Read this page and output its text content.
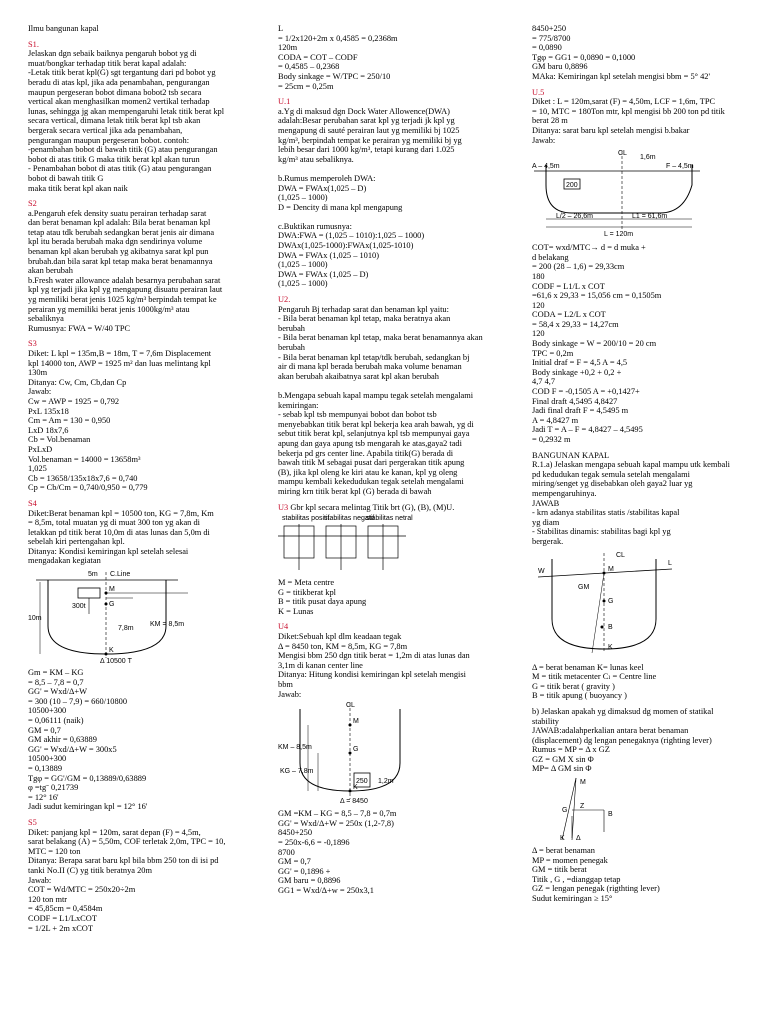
Ilmu bangunan kapal
S1.
Jelaskan dgn sebaik baiknya pengaruh bobot yg di
muat/bongkar terhadap titik berat kapal adalah:
-Letak titik berat kpl(G) sgt tergantung dari pd bobot yg
beradu di atas kpl, jika ada penambahan, pengurangan
maupun pergeseran bobot dimana bobot2 tsb secara
vertical akan menghasilkan momen2 vertikal terhadap
lunas, sehingga jg akan mempengaruhi letak titik berat kpl
secara vertical, dimana letak titik berat kpl tsb akan
bergerak secara vertical jika ada penambahan,
pengurangan maupun pergeseran bobot. contoh:
-penambahan bobot di bawah titik (G) atau pengurangan
bobot di atas titik G maka titik berat kpl akan turun
- Penambahan bobot di atas titik (G) atau pengurangan
bobot di bawah titik G
maka titik berat kpl akan naik
S2
a.Pengaruh efek density suatu perairan terhadap sarat
dan berat benaman kpl adalah: Bila berat benaman kpl
tetap atau tdk berubah sedangkan berat jenis air dimana
kpl itu berada berubah maka dgn sendirinya volume
benaman kpl akan berubah yg akibatnya sarat kpl pun
brubah.dan bila sarat kpl tetap maka berat benamannya
akan berubah
b.Fresh water allowance adalah besarnya perubahan sarat
kpl yg terjadi jika kpl yg mengapung disuatu perairan laut
yg memiliki berat jenis 1025 kg/m³ berpindah tempat ke
perairan yg memiliki berat jenis 1000kg/m³ atau
sebaliknya
Rumusnya: FWA = W/40 TPC
S3
Diket: L kpl = 135m,B = 18m, T = 7,6m Displacement
kpl 14000 ton, AWP = 1925 m² dan luas melintang kpl
130m
Ditanya: Cw, Cm, Cb,dan Cp
Jawab:
Cw = AWP = 1925 = 0,792
PxL 135x18
Cm = Am = 130 = 0,950
LxD 18x7,6
Cb = Vol.benaman
PxLxD
Vol.benaman = 14000 = 13658m³
1,025
Cb = 13658/135x18x7,6 = 0,740
Cp = Cb/Cm = 0,740/0,950 = 0,779
S4
Diket:Berat benaman kpl = 10500 ton, KG = 7,8m, Km
= 8,5m, total muatan yg di muat 300 ton yg akan di
letakkan pd titik berat 10,0m di atas lunas dan 5,0m di
sebelah kiri pertengahan kpl.
Ditanya: Kondisi kemiringan kpl setelah selesai
mengadakan kegiatan
5m C.Line
10m
300t
KM = 8,5m
7,8m
Δ 10500 T
M
G
K
Gm = KM – KG
= 8,5 – 7,8 = 0,7
GG' = Wxd/Δ+W
= 300 (10 – 7,9) = 660/10800
10500+300
= 0,06111 (naik)
GM = 0,7
GM akhir = 0,63889
GG' = Wxd/Δ+W = 300x5
10500+300
= 0,13889
Tgφ = GG'/GM = 0,13889/0,63889
φ =tgˉ 0,21739
= 12° 16'
Jadi sudut kemiringan kpl = 12° 16'
S5
Diket: panjang kpl = 120m, sarat depan (F) = 4,5m,
sarat belakang (A) = 5,50m, COF terletak 2,0m, TPC = 10,
MTC = 120 ton
Ditanya: Berapa sarat baru kpl bila bbm 250 ton di isi pd
tanki No.II (C) yg titik beratnya 20m
Jawab:
COT = Wd/MTC = 250x20÷2m
120 ton mtr
= 45,85cm = 0,4584m
CODF = L1/LxCOT
= 1/2L + 2m xCOT
L
= 1/2x120+2m x 0,4585 = 0,2368m
120m
CODA = COT – CODF
= 0,4585 – 0,2368
Body sinkage = W/TPC = 250/10
= 25cm = 0,25m
U.1
a.Yg di maksud dgn Dock Water Allowence(DWA)
adalah:Besar perubahan sarat kpl yg terjadi jk kpl yg
mengapung di sauté perairan laut yg memiliki bj 1025
kg/m³, berpindah tempat ke perairan yg memiliki bj yg
lebih besar dari 1000 kg/m³, tetapi kurang dari 1.025
kg/m³ atau sebaliknya.

b.Rumus memperoleh DWA:
DWA = FWAx(1,025 – D)
(1,025 – 1000)
D = Dencity di mana kpl mengapung

c.Buktikan rumusnya:
DWA:FWA = (1,025 – 1010):1,025 – 1000)
DWAx(1,025-1000):FWAx(1,025-1010)
DWA = FWAx (1,025 – 1010)
(1,025 – 1000)
DWA = FWAx (1,025 – D)
(1,025 – 1000)
U2.
Pengaruh Bj terhadap sarat dan benaman kpl yaitu:
- Bila berat benaman kpl tetap, maka beratnya akan
berubah
- Bila berat benaman kpl tetap, maka berat benamannya akan
berubah
- Bila berat benaman kpl tetap/tdk berubah, sedangkan bj
air di mana kpl berada berubah maka volume benaman
akan berubah akaibatnya sarat kpl akan berubah

b.Mengapa sebuah kapal mampu tegak setelah mengalami
kemiringan:
- sebab kpl tsb mempunyai bobot dan bobot tsb
menyebabkan titik berat kpl bekerja kea arah bawah, yg di
sebut titik berat kpl, selanjutnya kpl tsb mempunyai gaya
apung dan gaya apung tsb mengarah ke atas,gaya2 tadi
bekerja pd grs center line. Apabila titik(G) berada di
bawah titik M sebagai pusat dari pergerakan titik apung
(B), jika kpl oleng ke kiri atau ke kanan, kpl yg oleng
mampu kembali kekedudukan tegak setelah mengalami
miring krn titik berat kpl (G) berada di bawah
U3 Gbr kpl secara melintag Titik brt (G), (B), (M)U.
stabilitas positif
stabilitas negatif
stabilitas netral
M = Meta centre
G = titikberat kpl
B = titik pusat daya apung
K = Lunas
U4
Diket:Sebuah kpl dlm keadaan tegak
Δ = 8450 ton, KM = 8,5m, KG = 7,8m
Mengisi bbm 250 dgn titik berat = 1,2m di atas lunas dan
3,1m di kanan center line
Ditanya: Hitung kondisi kemiringan kpl setelah mengisi
bbm
Jawab:
CL
KM – 8,5m
KG – 7,8m
250 1,2m
Δ = 8450
M
G
K
GM =KM – KG = 8,5 – 7,8 = 0,7m
GG' = Wxd/Δ+W = 250x (1,2-7,8)
8450+250
= 250x-6,6 = -0,1896
8700
GM = 0,7
GG' = 0,1896 +
GM baru = 0,8896
GG1 = Wxd/Δ+w = 250x3,1
8450+250
= 775/8700
= 0,0890
Tgφ = GG1 = 0,0890 = 0,1000
GM baru 0,8896
MAka: Kemiringan kpl setelah mengisi bbm = 5° 42'
U.5
Diket : L = 120m,sarat (F) = 4,50m, LCF = 1,6m, TPC
= 10, MTC = 180Ton mtr, kpl mengisi bb 200 ton pd titik
berat 28 m
Ditanya: sarat baru kpl setelah mengisi b.bakar
Jawab:
CL
A – 4,5m	F – 4,5m
200
L/2 – 26,6m	L1 = 61,6m
L = 120m
1,6m
COT= wxd/MTC→ d = d muka +
d belakang
= 200 (28 – 1,6) = 29,33cm
180
CODF = L1/L x COT
=61,6 x 29,33 = 15,056 cm = 0,1505m
120
CODA = L2/L x COT
= 58,4 x 29,33 = 14,27cm
120
Body sinkage = W = 200/10 = 20 cm
TPC = 0,2m
Initial draf = F = 4,5 A = 4,5
Body sinkage +0,2 + 0,2 +
4,7 4,7
COD F = -0,1505 A = +0,1427+
Final draft 4,5495 4,8427
Jadi final draft F = 4,5495 m
A = 4,8427 m
Jadi T = A – F = 4,8427 – 4,5495
= 0,2932 m
BANGUNAN KAPAL
R.1.a) Jelaskan mengapa sebuah kapal mampu utk kembali
pd kedudukan tegak semula setelah mengalami
miring/senget yg disebabkan oleh gaya2 luar yg
mempengaruhinya.
JAWAB
- krn adanya stabilitas statis /stabilitas kapal
yg diam
- Stabilitas dinamis: stabilitas bagi kpl yg
bergerak.
W
L
GM
G
B
K
M
CL
Δ = berat benaman K= lunas keel
M = titik metacenter Cₗ = Centre line
G = titik berat ( gravity )
B = titik apung ( buoyancy )
b) Jelaskan apakah yg dimaksud dg momen of statikal
stability
JAWAB:adalahperkalian antara berat benaman
(displacement) dg lengan penegaknya (righting lever)
Rumus = MP = Δ x GZ
GZ = GM X sin Φ
MP= Δ GM sin Φ
M
G
Z
K
B
Δ
Δ = berat benaman
MP = momen penegak
GM = titik berat
Titik , G , =dianggap tetap
GZ = lengan penegak (rigthting lever)
Sudut kemiringan ≥ 15°
